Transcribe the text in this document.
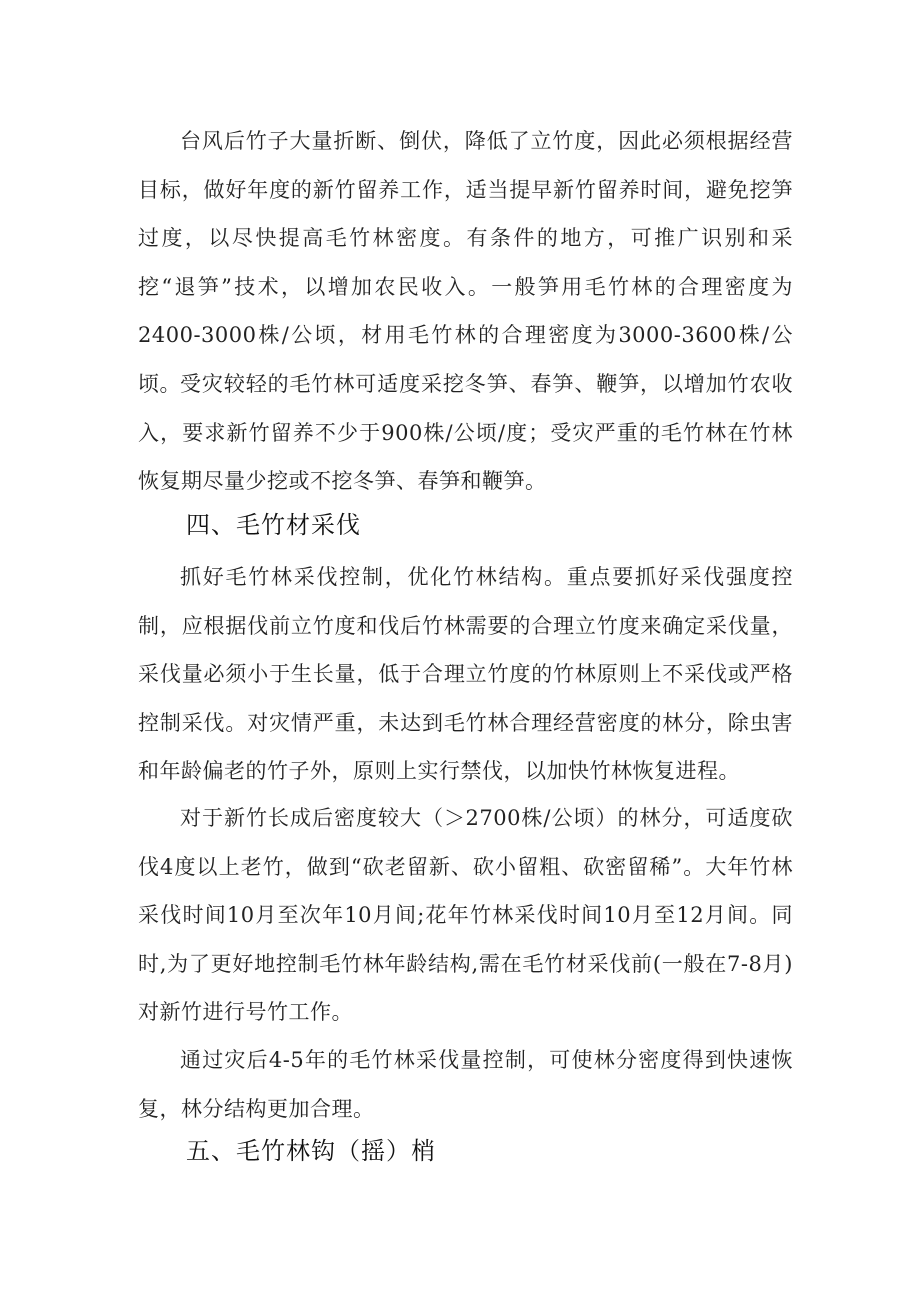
台风后竹子大量折断、倒伏，降低了立竹度，因此必须根据经营目标，做好年度的新竹留养工作，适当提早新竹留养时间，避免挖笋过度，以尽快提高毛竹林密度。有条件的地方，可推广识别和采挖“退笋”技术，以增加农民收入。一般笋用毛竹林的合理密度为2400-3000株/公顷，材用毛竹林的合理密度为3000-3600株/公顷。 受灾较轻的毛竹林可适度采挖冬笋、春笋、鞭笋，以增加竹农收入，要求新竹留养不少于900株/公顷/度；受灾严重的毛竹林在竹林恢复期尽量少挖或不挖冬笋、春笋和鞭笋。

四、毛竹材采伐

抓好毛竹林采伐控制，优化竹林结构。重点要抓好采伐强度控制，应根据伐前立竹度和伐后竹林需要的合理立竹度来确定采伐量，采伐量必须小于生长量，低于合理立竹度的竹林原则上不采伐或严格控制采伐。对灾情严重，未达到毛竹林合理经营密度的林分，除虫害和年龄偏老的竹子外，原则上实行禁伐，以加快竹林恢复进程。

对于新竹长成后密度较大（＞2700株/公顷）的林分，可适度砍伐4度以上老竹，做到“砍老留新、砍小留粗、砍密留稀”。大年竹林采伐时间10月至次年10月间;花年竹林采伐时间10月至12月间。同时,为了更好地控制毛竹林年龄结构,需在毛竹材采伐前(一般在7-8月)对新竹进行号竹工作。

通过灾后4-5年的毛竹林采伐量控制，可使林分密度得到快速恢复，林分结构更加合理。

五、毛竹林钩（摇）梢
